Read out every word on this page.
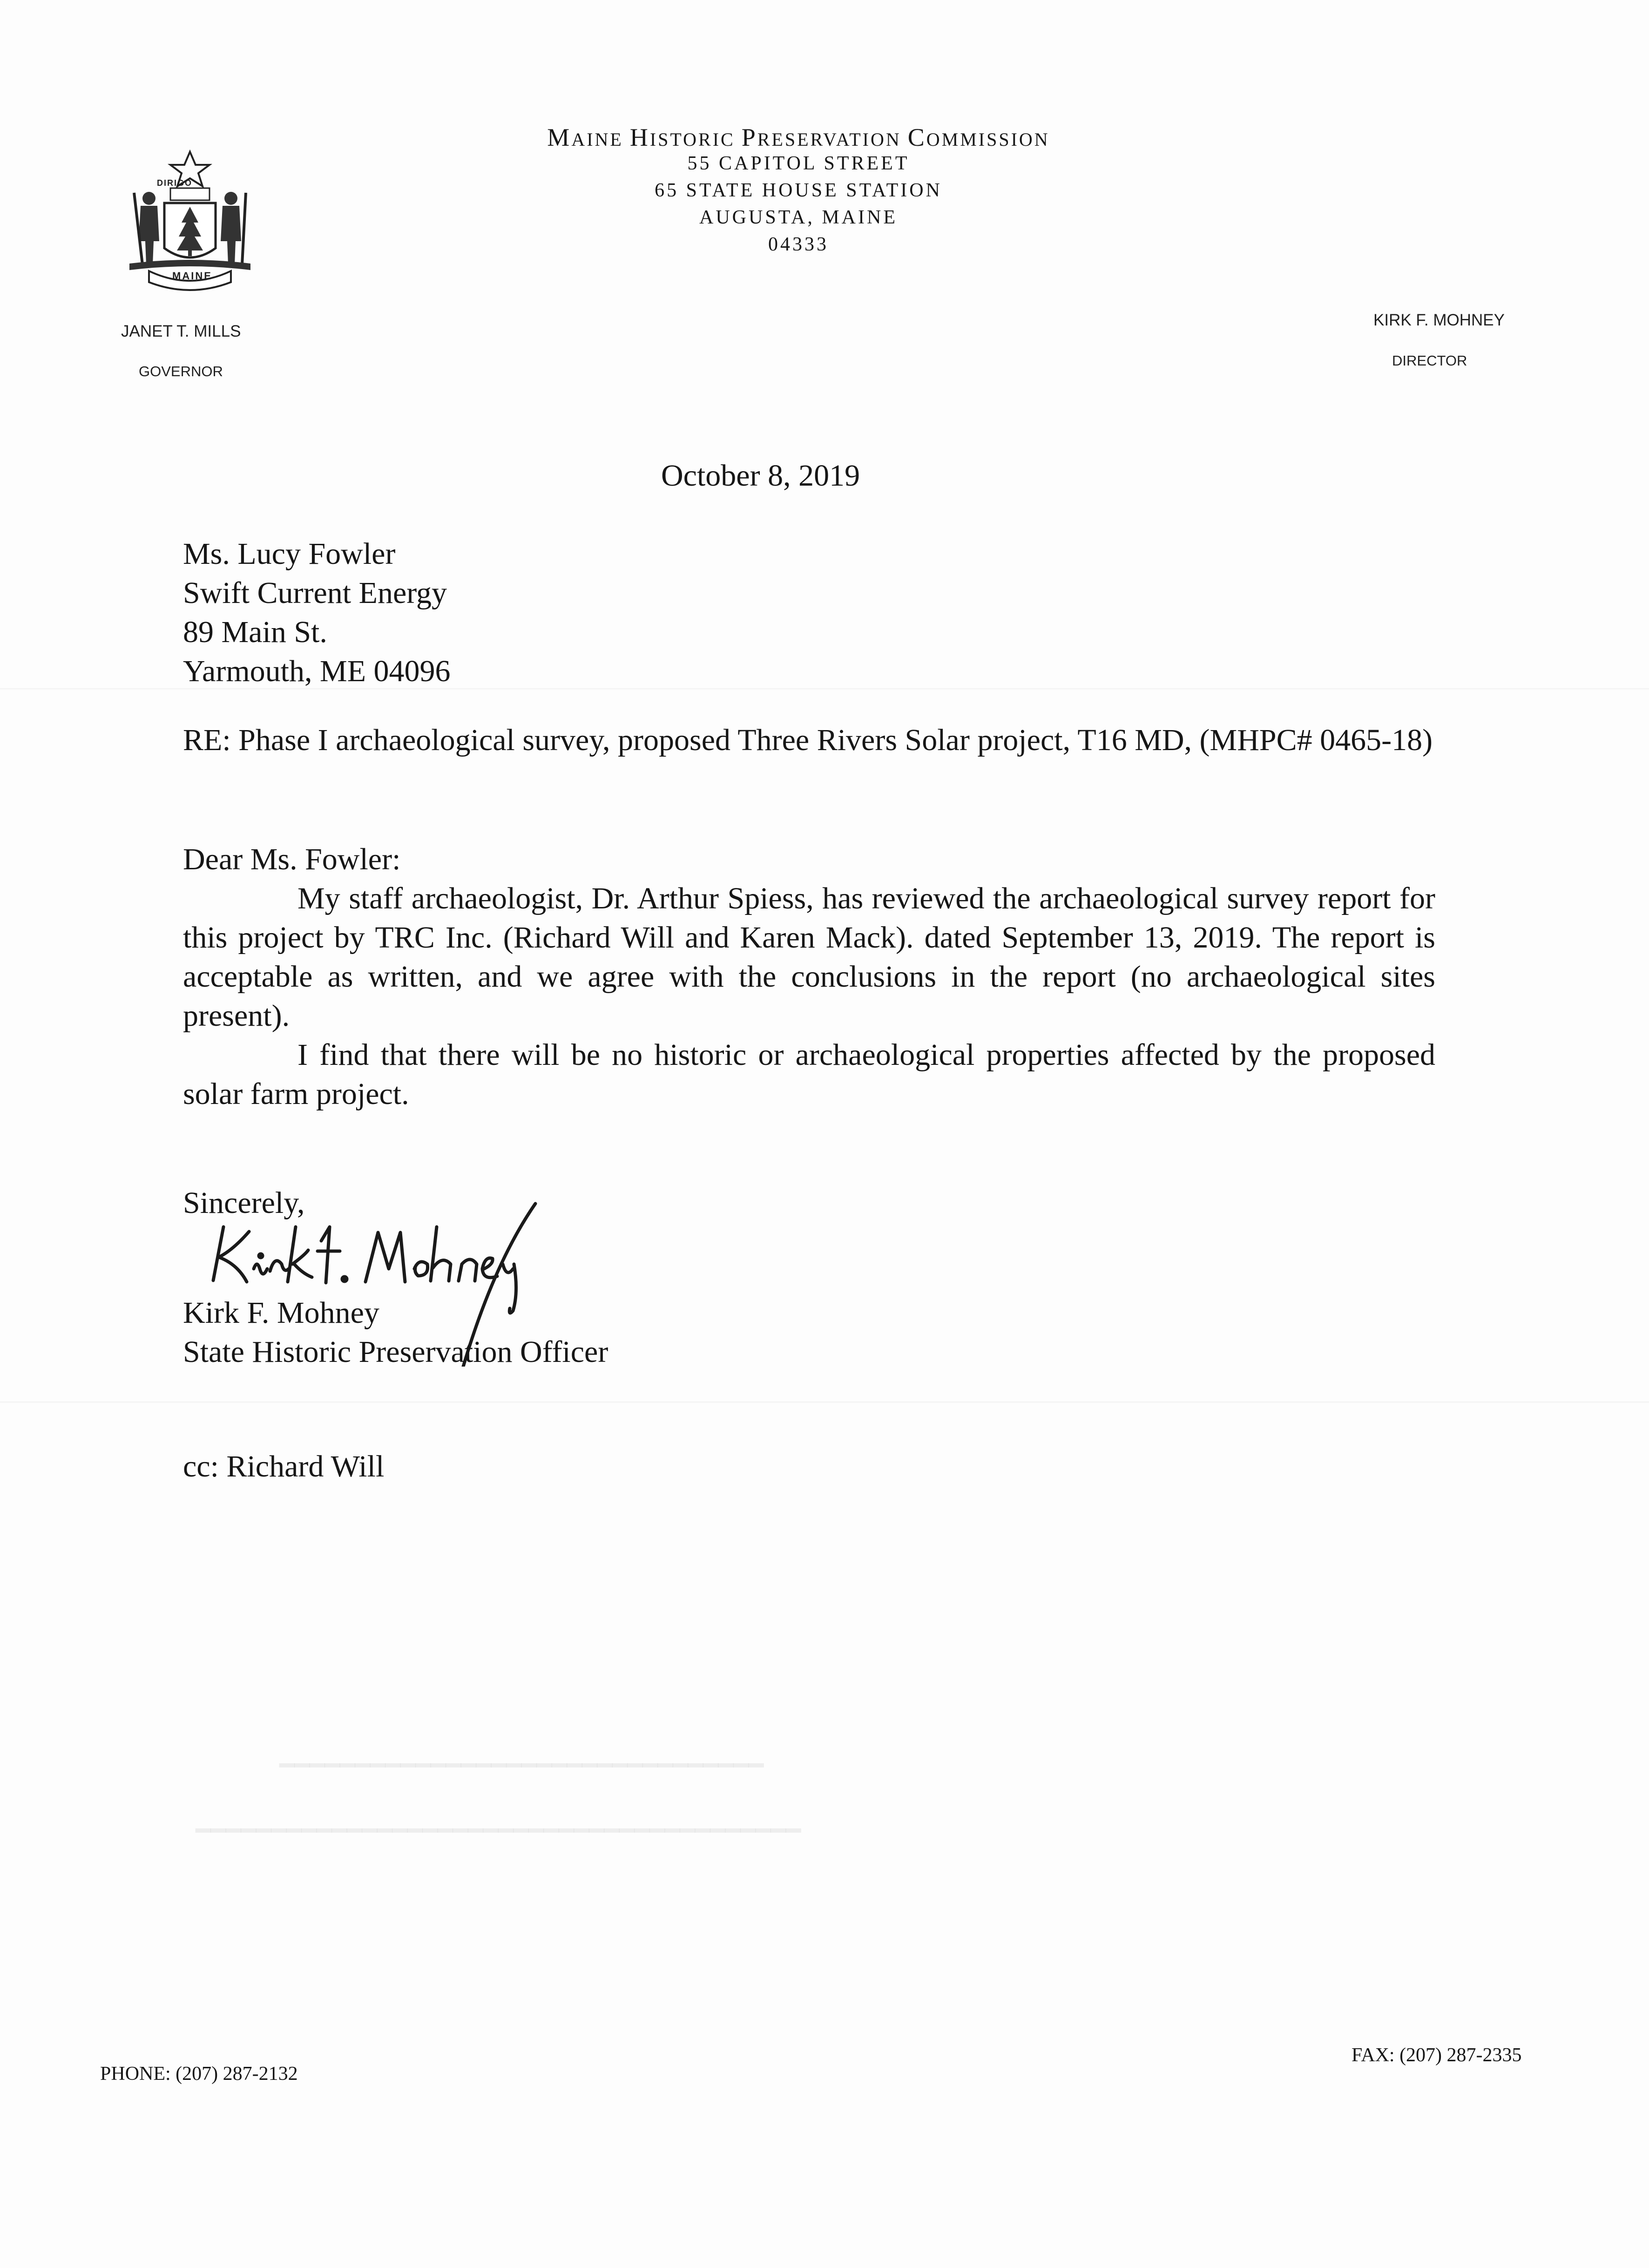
━━━━━━━━━━━━━━━━━━━━━━━━━━━━━━━━
━━━━━━━━━━━━━━━━━━━━━━━━━━━━━━━━━━━━━━━━
DIRIGO
MAINE
MAINE HISTORIC PRESERVATION COMMISSION
55 CAPITOL STREET
65 STATE HOUSE STATION
AUGUSTA, MAINE
04333
JANET T. MILLS
GOVERNOR
KIRK F. MOHNEY
DIRECTOR
October 8, 2019
Ms. Lucy Fowler
Swift Current Energy
89 Main St.
Yarmouth, ME 04096
RE: Phase I archaeological survey, proposed Three Rivers Solar project, T16 MD, (MHPC# 0465-18)
Dear Ms. Fowler:
My staff archaeologist, Dr. Arthur Spiess, has reviewed the archaeological survey report for this project by TRC Inc. (Richard Will and Karen Mack). dated September 13, 2019. The report is acceptable as written, and we agree with the conclusions in the report (no archaeological sites present).
I find that there will be no historic or archaeological properties affected by the proposed solar farm project.
Sincerely,
Kirk F. Mohney
State Historic Preservation Officer
cc: Richard Will
PHONE: (207) 287-2132
FAX: (207) 287-2335
